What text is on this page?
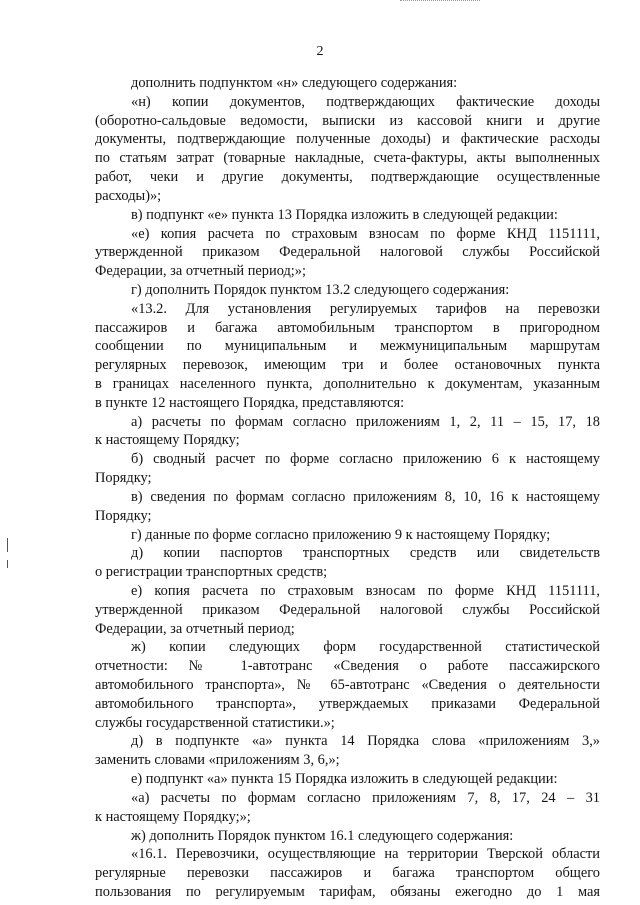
2
дополнить подпунктом «н» следующего содержания:
«н) копии документов, подтверждающих фактические доходы
(оборотно-сальдовые ведомости, выписки из кассовой книги и другие
документы, подтверждающие полученные доходы) и фактические расходы
по статьям затрат (товарные накладные, счета-фактуры, акты выполненных
работ, чеки и другие документы, подтверждающие осуществленные
расходы)»;
в) подпункт «е» пункта 13 Порядка изложить в следующей редакции:
«е) копия расчета по страховым взносам по форме КНД 1151111,
утвержденной приказом Федеральной налоговой службы Российской
Федерации, за отчетный период;»;
г) дополнить Порядок пунктом 13.2 следующего содержания:
«13.2. Для установления регулируемых тарифов на перевозки
пассажиров и багажа автомобильным транспортом в пригородном
сообщении по муниципальным и межмуниципальным маршрутам
регулярных перевозок, имеющим три и более остановочных пункта
в границах населенного пункта, дополнительно к документам, указанным
в пункте 12 настоящего Порядка, представляются:
а) расчеты по формам согласно приложениям 1, 2, 11 – 15, 17, 18
к настоящему Порядку;
б) сводный расчет по форме согласно приложению 6 к настоящему
Порядку;
в) сведения по формам согласно приложениям 8, 10, 16 к настоящему
Порядку;
г) данные по форме согласно приложению 9 к настоящему Порядку;
д) копии паспортов транспортных средств или свидетельств
о регистрации транспортных средств;
е) копия расчета по страховым взносам по форме КНД 1151111,
утвержденной приказом Федеральной налоговой службы Российской
Федерации, за отчетный период;
ж) копии следующих форм государственной статистической
отчетности: № 1-автотранс «Сведения о работе пассажирского
автомобильного транспорта», № 65-автотранс «Сведения о деятельности
автомобильного транспорта», утверждаемых приказами Федеральной
службы государственной статистики.»;
д) в подпункте «а» пункта 14 Порядка слова «приложениям 3,»
заменить словами «приложениям 3, 6,»;
е) подпункт «а» пункта 15 Порядка изложить в следующей редакции:
«а) расчеты по формам согласно приложениям 7, 8, 17, 24 – 31
к настоящему Порядку;»;
ж) дополнить Порядок пунктом 16.1 следующего содержания:
«16.1. Перевозчики, осуществляющие на территории Тверской области
регулярные перевозки пассажиров и багажа транспортом общего
пользования по регулируемым тарифам, обязаны ежегодно до 1 мая
